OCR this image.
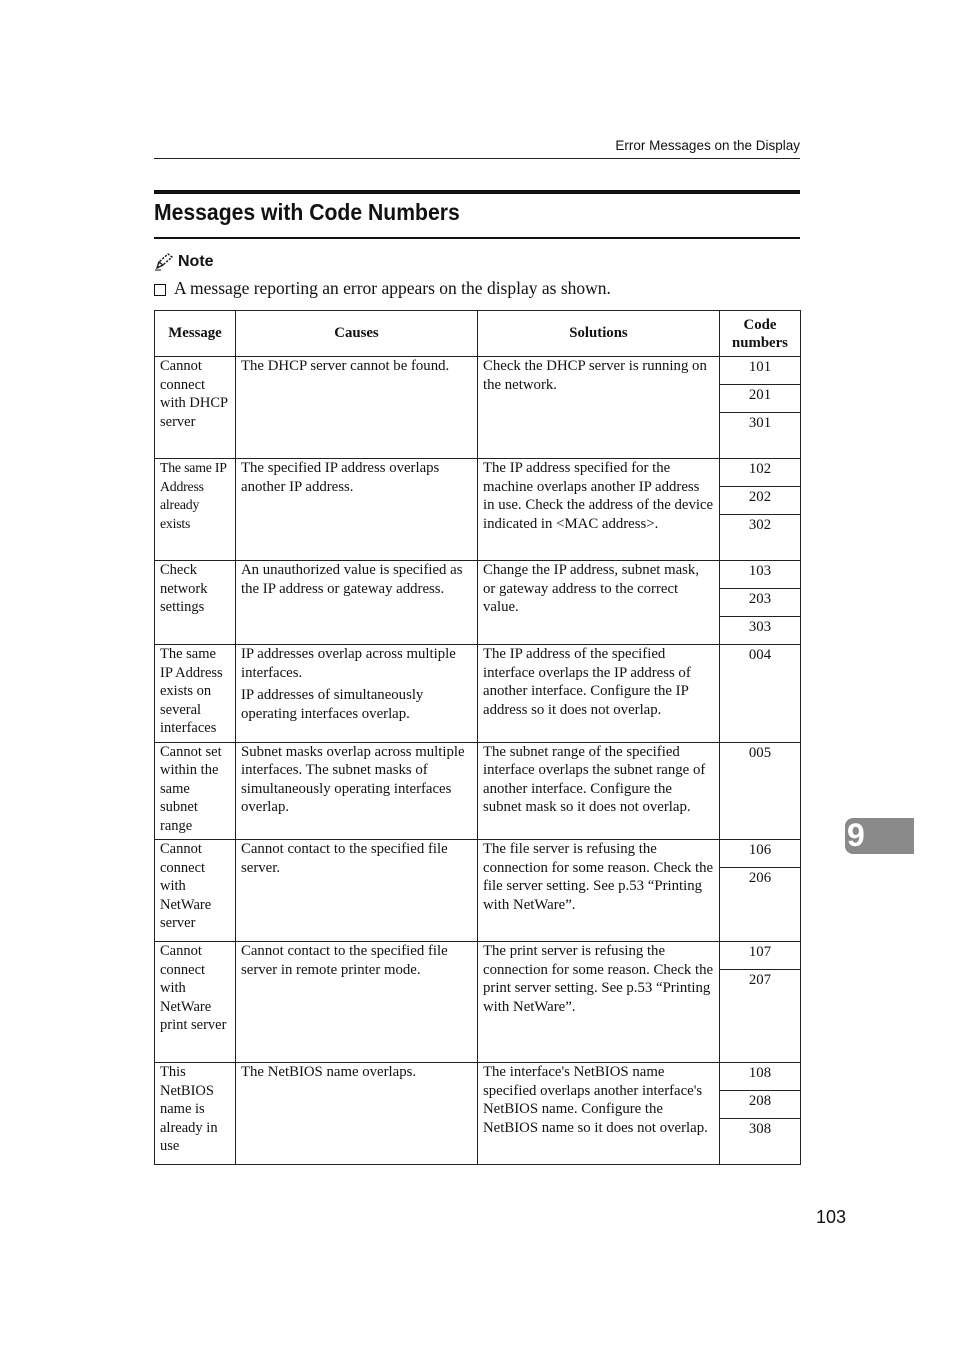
Error Messages on the Display
Messages with Code Numbers
Note
A message reporting an error appears on the display as shown.
Message	Causes	Solutions	Code numbers
Cannot connect with DHCP server	The DHCP server cannot be found.	Check the DHCP server is running on the network.	101

			201

			301

The same IP Address already exists	The specified IP address overlaps another IP address.	The IP address specified for the machine overlaps another IP address in use. Check the address of the device indicated in <MAC address>.	102

			202

			302

Check network settings	An unauthorized value is specified as the IP address or gateway address.	Change the IP address, subnet mask, or gateway address to the correct value.	103

			203

			303

The same IP Address exists on several interfaces	IP addresses overlap across multiple interfaces.
IP addresses of simultaneously operating interfaces overlap.	The IP address of the specified interface overlaps the IP address of another interface. Configure the IP address so it does not overlap.	004

Cannot set within the same subnet range	Subnet masks overlap across multiple interfaces. The subnet masks of simultaneously operating interfaces overlap.	The subnet range of the specified interface overlaps the subnet range of another interface. Configure the subnet mask so it does not overlap.	005

Cannot connect with NetWare server	Cannot contact to the specified file server.	The file server is refusing the connection for some reason. Check the file server setting. See p.53 “Printing with NetWare”.	106

			206

Cannot connect with NetWare print server	Cannot contact to the specified file server in remote printer mode.	The print server is refusing the connection for some reason. Check the print server setting. See p.53 “Printing with NetWare”.	107

			207

This NetBIOS name is already in use	The NetBIOS name overlaps.	The interface's NetBIOS name specified overlaps another interface's NetBIOS name. Configure the NetBIOS name so it does not overlap.	108

			208

			308
9
103
